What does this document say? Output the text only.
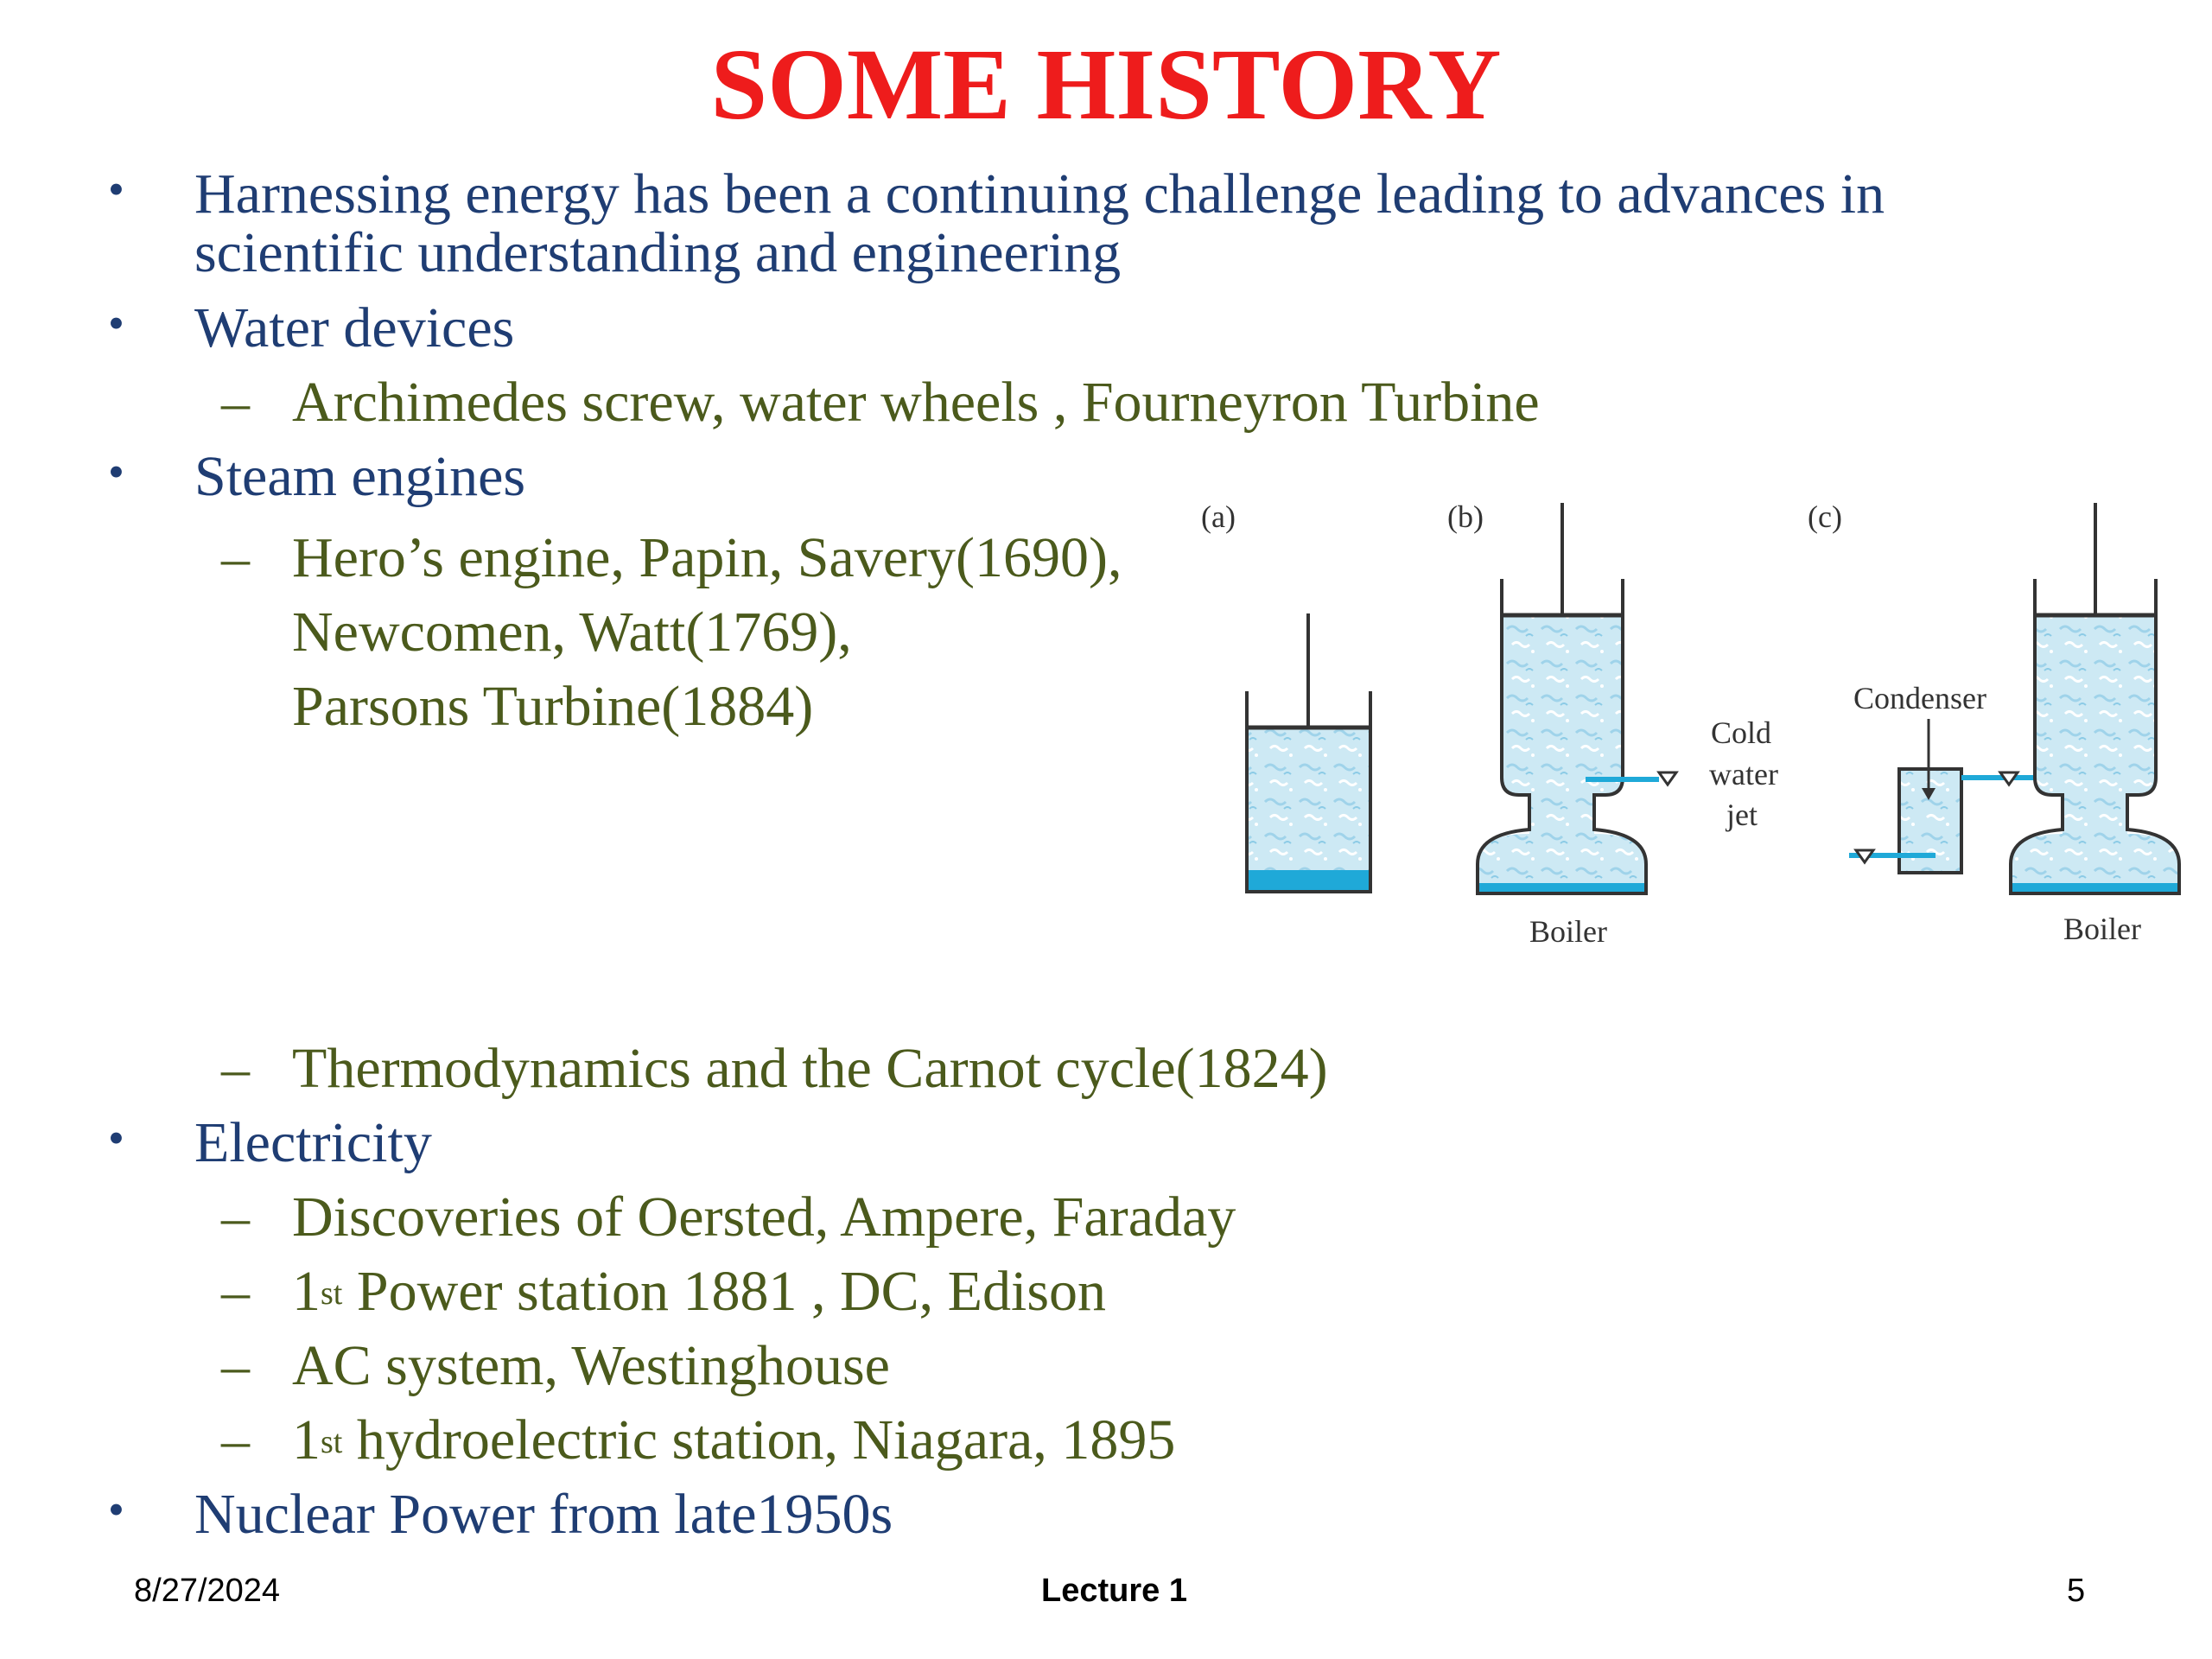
SOME HISTORY
• Harnessing energy has been a continuing challenge leading to advances in
scientific understanding and engineering
• Water devices
– Archimedes screw, water wheels , Fourneyron Turbine
• Steam engines
– Hero’s engine, Papin, Savery(1690),
Newcomen, Watt(1769),
Parsons Turbine(1884)
– Thermodynamics and the Carnot cycle(1824)
• Electricity
– Discoveries of Oersted, Ampere, Faraday
– 1st Power station 1881 , DC, Edison
– AC system, Westinghouse
– 1st hydroelectric station, Niagara, 1895
• Nuclear Power from late1950s
(a)	(b)
Boiler
Cold
water
jet
(c)
Condenser
Boiler
8/27/2024	Lecture 1	5
